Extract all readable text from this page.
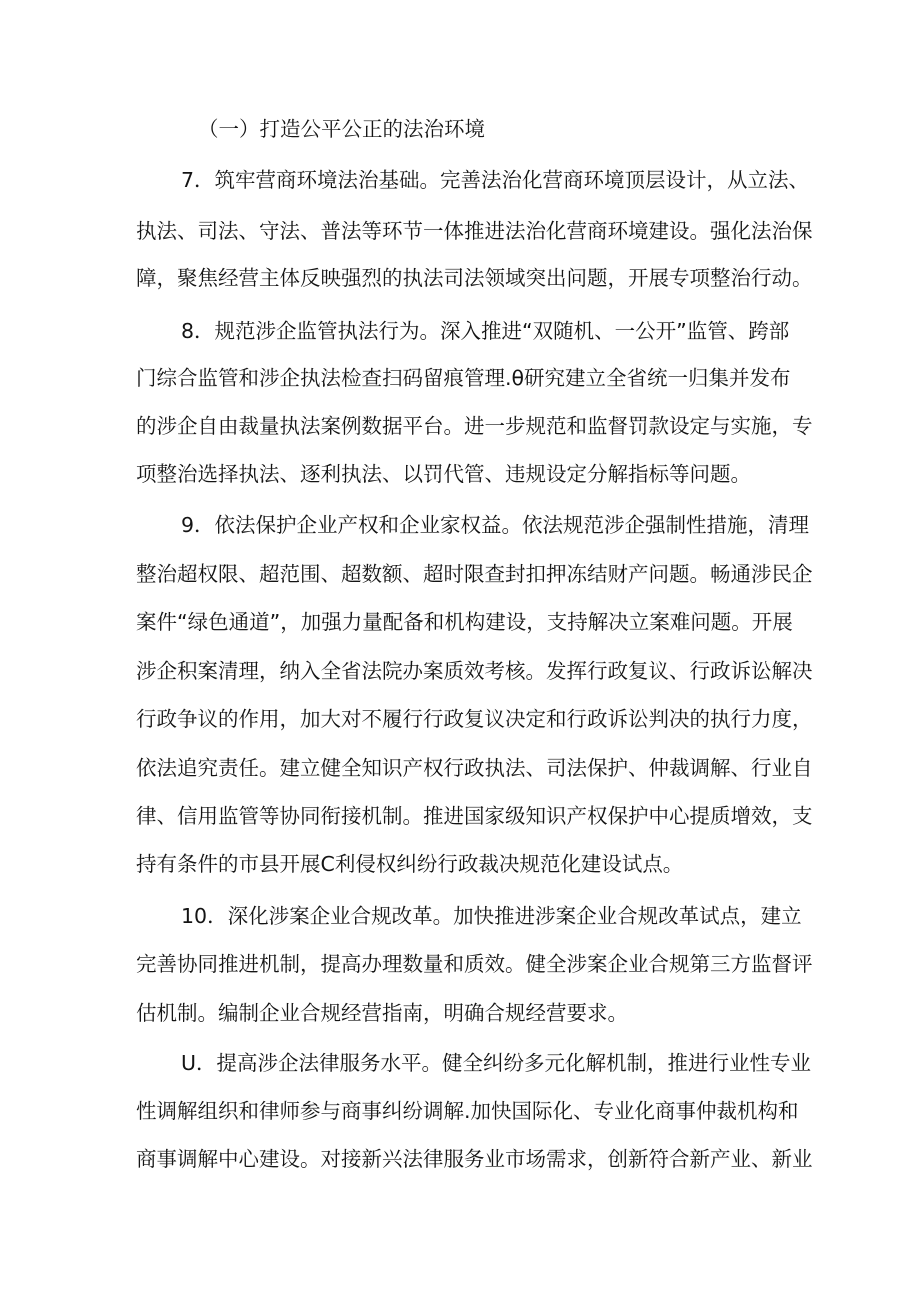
（一）打造公平公正的法治环境
7．筑牢营商环境法治基础。完善法治化营商环境顶层设计，从立法、
执法、司法、守法、普法等环节一体推进法治化营商环境建设。强化法治保
障，聚焦经营主体反映强烈的执法司法领域突出问题，开展专项整治行动。
8．规范涉企监管执法行为。深入推进“双随机、一公开”监管、跨部
门综合监管和涉企执法检查扫码留痕管理.θ研究建立全省统一归集并发布
的涉企自由裁量执法案例数据平台。进一步规范和监督罚款设定与实施，专
项整治选择执法、逐利执法、以罚代管、违规设定分解指标等问题。
9．依法保护企业产权和企业家权益。依法规范涉企强制性措施，清理
整治超权限、超范围、超数额、超时限查封扣押冻结财产问题。畅通涉民企
案件“绿色通道”，加强力量配备和机构建设，支持解决立案难问题。开展
涉企积案清理，纳入全省法院办案质效考核。发挥行政复议、行政诉讼解决
行政争议的作用，加大对不履行行政复议决定和行政诉讼判决的执行力度，
依法追究责任。建立健全知识产权行政执法、司法保护、仲裁调解、行业自
律、信用监管等协同衔接机制。推进国家级知识产权保护中心提质增效，支
持有条件的市县开展C利侵权纠纷行政裁决规范化建设试点。
10．深化涉案企业合规改革。加快推进涉案企业合规改革试点，建立
完善协同推进机制，提高办理数量和质效。健全涉案企业合规第三方监督评
估机制。编制企业合规经营指南，明确合规经营要求。
U．提高涉企法律服务水平。健全纠纷多元化解机制，推进行业性专业
性调解组织和律师参与商事纠纷调解.加快国际化、专业化商事仲裁机构和
商事调解中心建设。对接新兴法律服务业市场需求，创新符合新产业、新业
